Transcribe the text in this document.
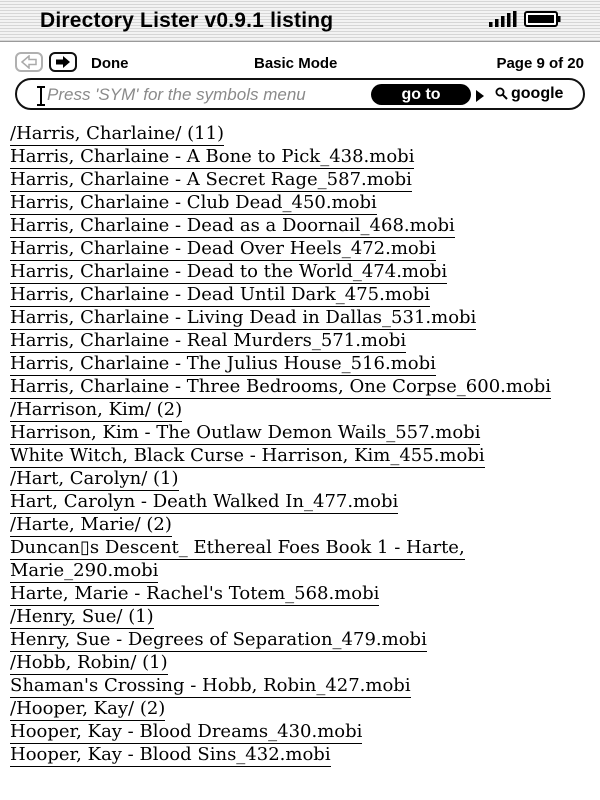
Directory Lister v0.9.1 listing
Done	Basic Mode	Page 9 of 20
Press 'SYM' for the symbols menu
go to	google
/Harris, Charlaine/ (11)
Harris, Charlaine - A Bone to Pick_438.mobi
Harris, Charlaine - A Secret Rage_587.mobi
Harris, Charlaine - Club Dead_450.mobi
Harris, Charlaine - Dead as a Doornail_468.mobi
Harris, Charlaine - Dead Over Heels_472.mobi
Harris, Charlaine - Dead to the World_474.mobi
Harris, Charlaine - Dead Until Dark_475.mobi
Harris, Charlaine - Living Dead in Dallas_531.mobi
Harris, Charlaine - Real Murders_571.mobi
Harris, Charlaine - The Julius House_516.mobi
Harris, Charlaine - Three Bedrooms, One Corpse_600.mobi
/Harrison, Kim/ (2)
Harrison, Kim - The Outlaw Demon Wails_557.mobi
White Witch, Black Curse - Harrison, Kim_455.mobi
/Hart, Carolyn/ (1)
Hart, Carolyn - Death Walked In_477.mobi
/Harte, Marie/ (2)
Duncan▯s Descent_ Ethereal Foes Book 1 - Harte, Marie_290.mobi
Harte, Marie - Rachel's Totem_568.mobi
/Henry, Sue/ (1)
Henry, Sue - Degrees of Separation_479.mobi
/Hobb, Robin/ (1)
Shaman's Crossing - Hobb, Robin_427.mobi
/Hooper, Kay/ (2)
Hooper, Kay - Blood Dreams_430.mobi
Hooper, Kay - Blood Sins_432.mobi
